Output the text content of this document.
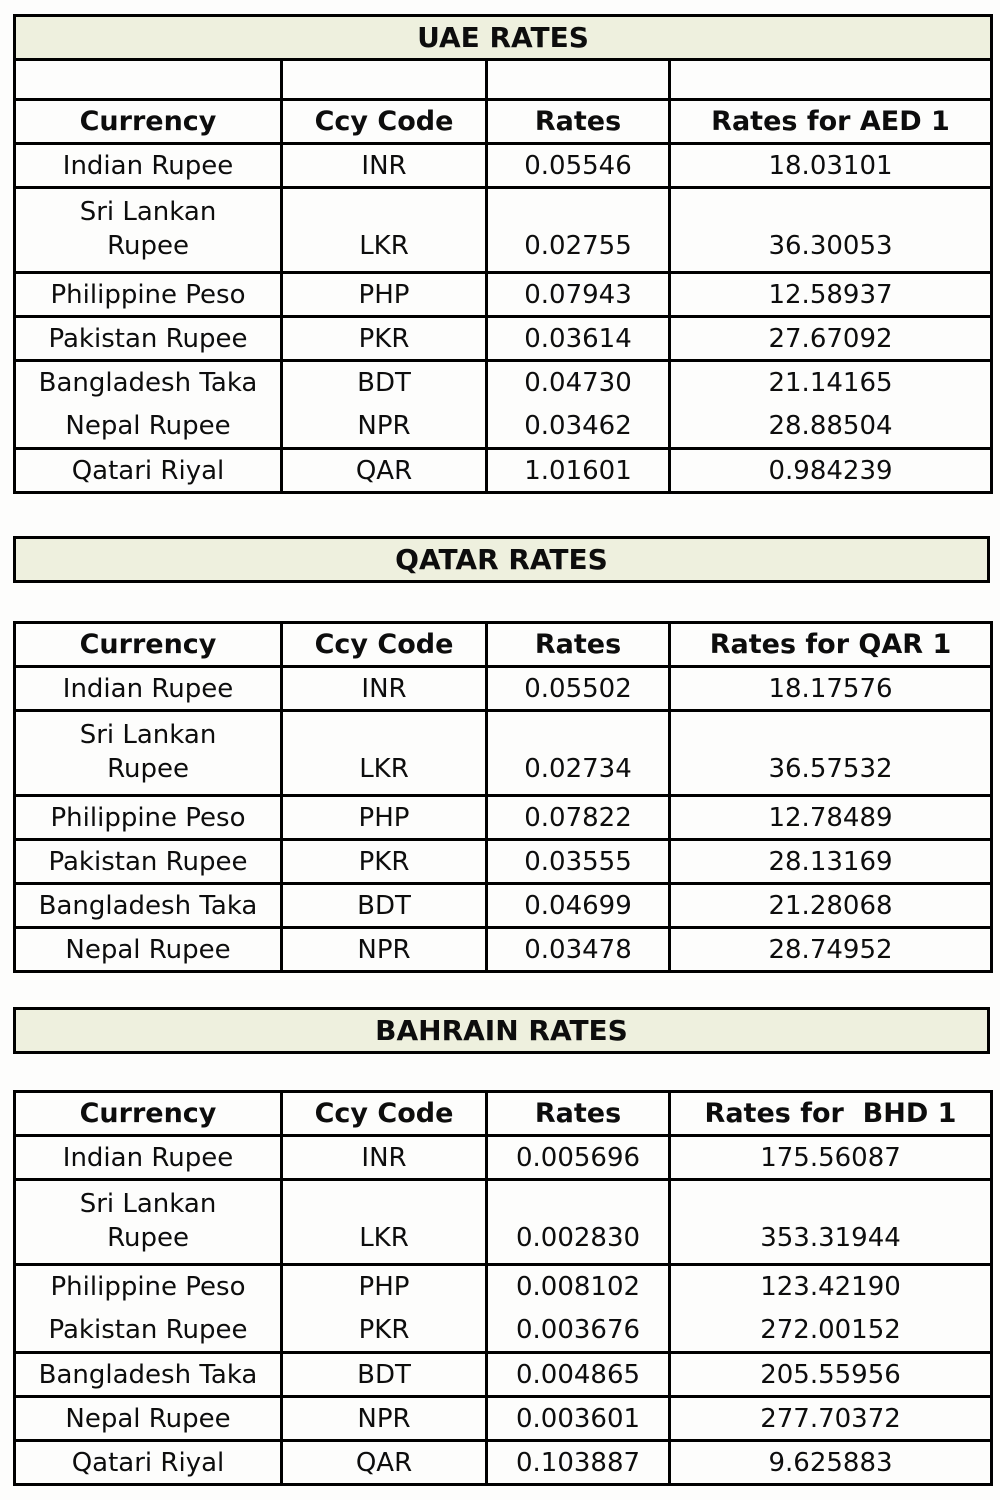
UAE RATES			

Currency	Ccy Code	Rates	Rates for AED 1
Indian Rupee	INR	0.05546	18.03101

Sri Lankan
Rupee	LKR	0.02755	36.30053
Philippine Peso	PHP	0.07943	12.58937
Pakistan Rupee	PKR	0.03614	27.67092
Bangladesh Taka	BDT	0.04730	21.14165
Nepal Rupee	NPR	0.03462	28.88504
Qatari Riyal	QAR	1.01601	0.984239
QATAR RATES
Currency	Ccy Code	Rates	Rates for QAR 1
Indian Rupee	INR	0.05502	18.17576

Sri Lankan
Rupee	LKR	0.02734	36.57532
Philippine Peso	PHP	0.07822	12.78489
Pakistan Rupee	PKR	0.03555	28.13169
Bangladesh Taka	BDT	0.04699	21.28068
Nepal Rupee	NPR	0.03478	28.74952
BAHRAIN RATES
Currency	Ccy Code	Rates	Rates for  BHD 1
Indian Rupee	INR	0.005696	175.56087

Sri Lankan
Rupee	LKR	0.002830	353.31944
Philippine Peso	PHP	0.008102	123.42190
Pakistan Rupee	PKR	0.003676	272.00152
Bangladesh Taka	BDT	0.004865	205.55956
Nepal Rupee	NPR	0.003601	277.70372
Qatari Riyal	QAR	0.103887	9.625883
